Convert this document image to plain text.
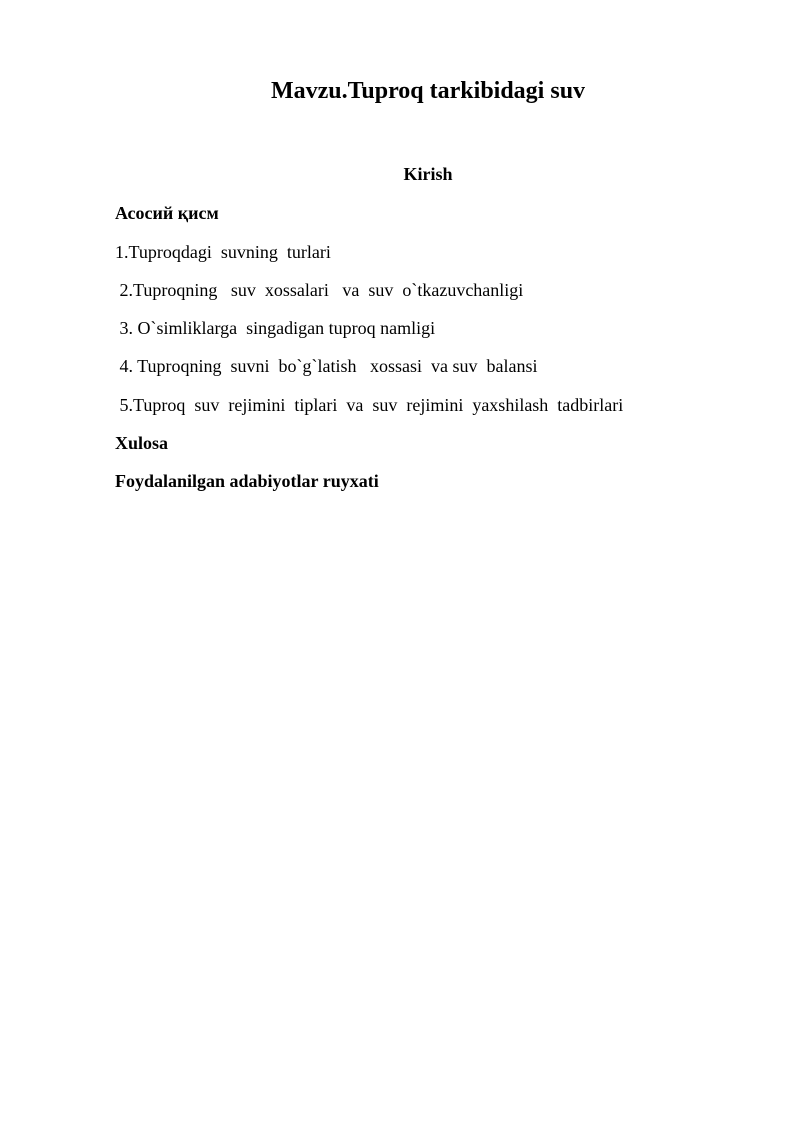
Mavzu.Tuproq tarkibidagi suv
Kirish
Асосий қисм
1.Tuproqdagi  suvning  turlari
2.Tuproqning   suv  xossalari   va  suv  o`tkazuvchanligi
3. O`simliklarga  singadigan tuproq namligi
4. Tuproqning  suvni  bo`g`latish   xossasi  va suv  balansi
5.Tuproq  suv  rejimini  tiplari  va  suv  rejimini  yaxshilash  tadbirlari
Xulosa
Foydalanilgan adabiyotlar ruyxati
